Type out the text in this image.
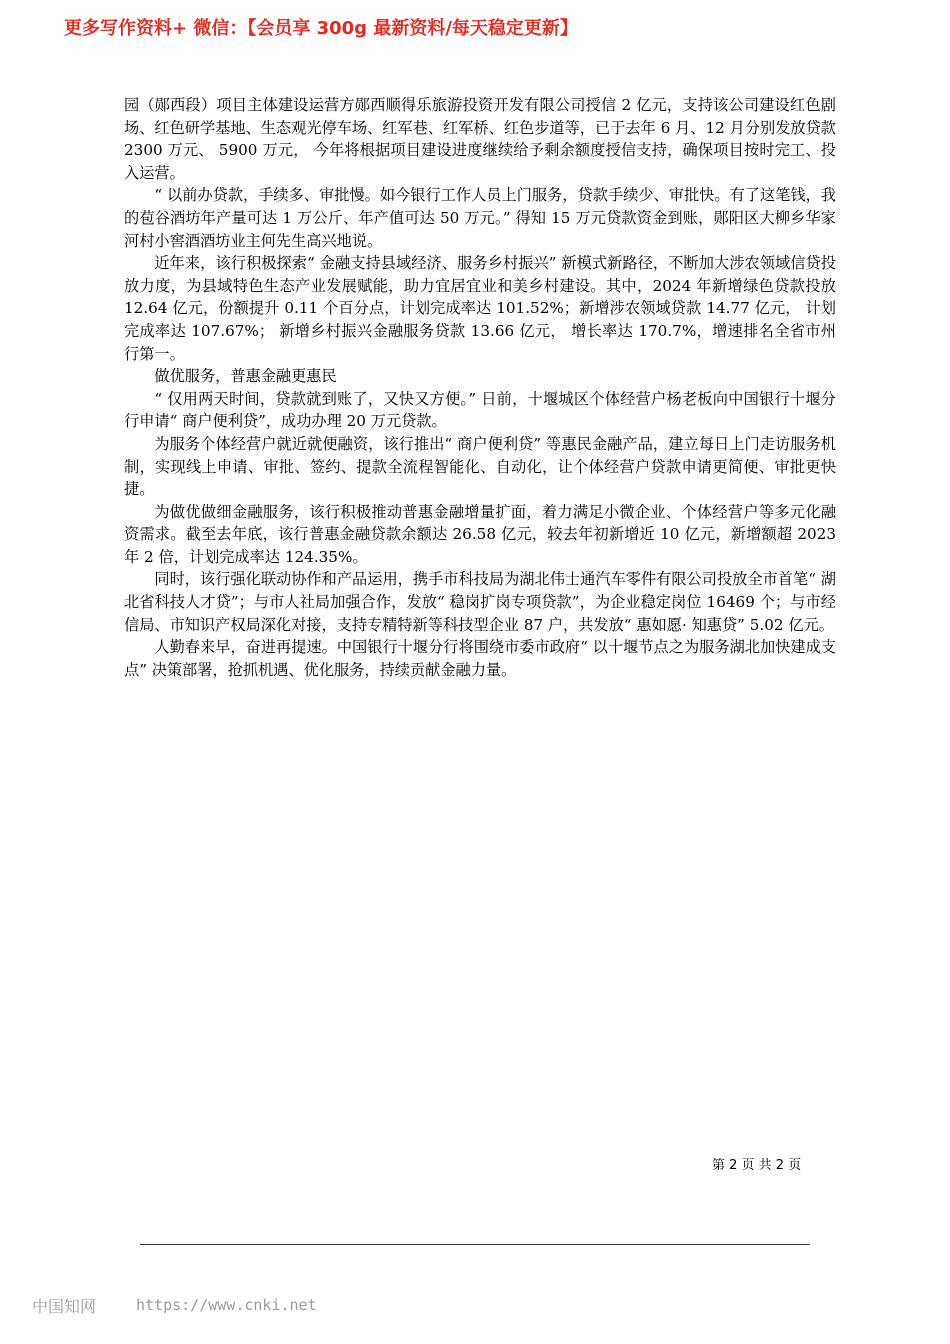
更多写作资料+ 微信：【会员享 300g 最新资料/每天稳定更新】

园（郧西段）项目主体建设运营方郧西顺得乐旅游投资开发有限公司授信 2 亿元，支持该公司建设红色剧场、红色研学基地、生态观光停车场、红军巷、红军桥、红色步道等，已于去年 6 月、12 月分别发放贷款 2300 万元、 5900 万元， 今年将根据项目建设进度继续给予剩余额度授信支持，确保项目按时完工、投入运营。

“ 以前办贷款，手续多、审批慢。如今银行工作人员上门服务，贷款手续少、审批快。有了这笔钱，我的苞谷酒坊年产量可达 1 万公斤、年产值可达 50 万元。” 得知 15 万元贷款资金到账，郧阳区大柳乡华家河村小窖酒酒坊业主何先生高兴地说。

近年来，该行积极探索“ 金融支持县域经济、服务乡村振兴” 新模式新路径，不断加大涉农领域信贷投放力度，为县域特色生态产业发展赋能，助力宜居宜业和美乡村建设。其中，2024 年新增绿色贷款投放 12.64 亿元，份额提升 0.11 个百分点，计划完成率达 101.52%；新增涉农领域贷款 14.77 亿元， 计划完成率达 107.67%； 新增乡村振兴金融服务贷款 13.66 亿元， 增长率达 170.7%，增速排名全省市州行第一。

做优服务，普惠金融更惠民

“ 仅用两天时间，贷款就到账了，又快又方便。” 日前，十堰城区个体经营户杨老板向中国银行十堰分行申请“ 商户便利贷”，成功办理 20 万元贷款。

为服务个体经营户就近就便融资，该行推出“ 商户便利贷” 等惠民金融产品，建立每日上门走访服务机制，实现线上申请、审批、签约、提款全流程智能化、自动化，让个体经营户贷款申请更简便、审批更快捷。

为做优做细金融服务，该行积极推动普惠金融增量扩面，着力满足小微企业、个体经营户等多元化融资需求。截至去年底，该行普惠金融贷款余额达 26.58 亿元，较去年初新增近 10 亿元，新增额超 2023 年 2 倍，计划完成率达 124.35%。

同时，该行强化联动协作和产品运用，携手市科技局为湖北伟士通汽车零件有限公司投放全市首笔“ 湖北省科技人才贷”；与市人社局加强合作，发放“ 稳岗扩岗专项贷款”，为企业稳定岗位 16469 个；与市经信局、市知识产权局深化对接，支持专精特新等科技型企业 87 户，共发放“ 惠如愿· 知惠贷” 5.02 亿元。

人勤春来早，奋进再提速。中国银行十堰分行将围绕市委市政府“ 以十堰节点之为服务湖北加快建成支点” 决策部署，抢抓机遇、优化服务，持续贡献金融力量。

第 2 页 共 2 页
中国知网	https://www.cnki.net
